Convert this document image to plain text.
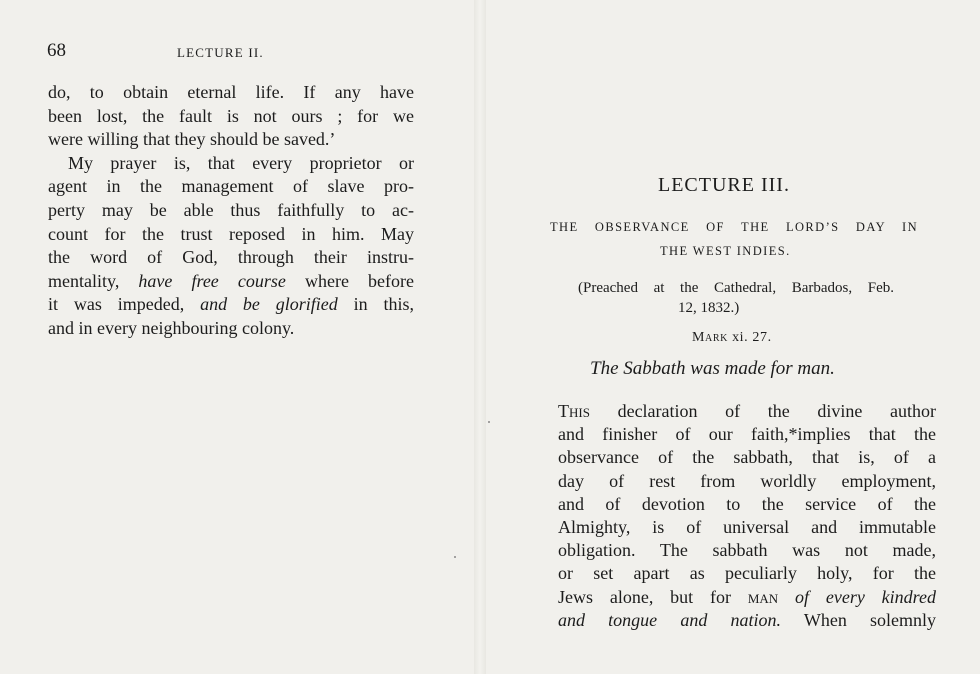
68	LECTURE II.
do, to obtain eternal life. If any have
been lost, the fault is not ours ; for we
were willing that they should be saved.’
My prayer is, that every proprietor or
agent in the management of slave pro-
perty may be able thus faithfully to ac-
count for the trust reposed in him. May
the word of God, through their instru-
mentality, have free course where before
it was impeded, and be glorified in this,
and in every neighbouring colony.
LECTURE III.
THE OBSERVANCE OF THE LORD’S DAY IN
THE WEST INDIES.
(Preached at the Cathedral, Barbados, Feb.
12, 1832.)
Mark xi. 27.
The Sabbath was made for man.
This declaration of the divine author
and finisher of our faith,*implies that the
observance of the sabbath, that is, of a
day of rest from worldly employment,
and of devotion to the service of the
Almighty, is of universal and immutable
obligation. The sabbath was not made,
or set apart as peculiarly holy, for the
Jews alone, but for man of every kindred
and tongue and nation. When solemnly
